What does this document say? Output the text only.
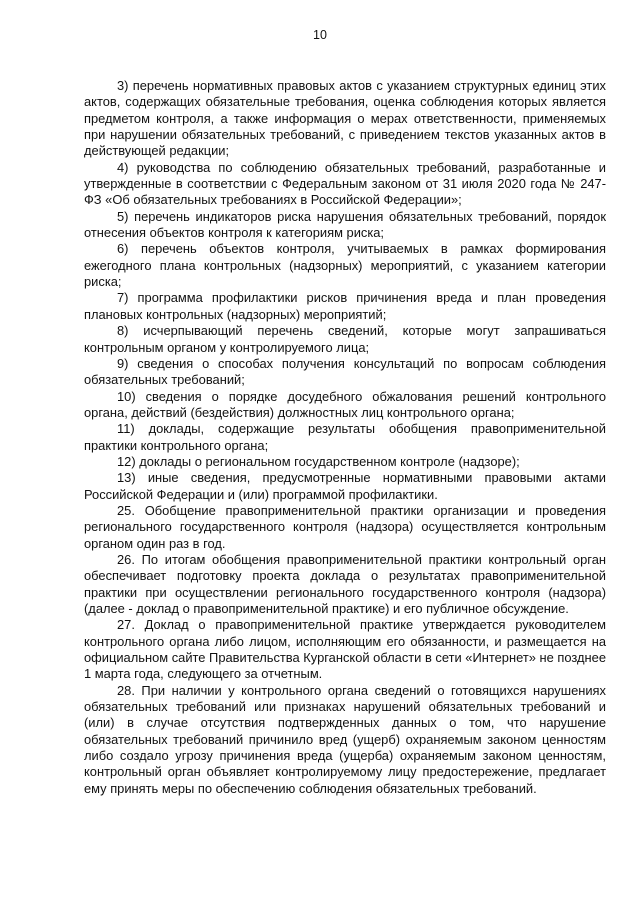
10

3) перечень нормативных правовых актов с указанием структурных единиц этих актов, содержащих обязательные требования, оценка соблюдения которых является предметом контроля, а также информация о мерах ответственности, применяемых при нарушении обязательных требований, с приведением текстов указанных актов в действующей редакции;

4) руководства по соблюдению обязательных требований, разработанные и утвержденные в соответствии с Федеральным законом от 31 июля 2020 года № 247-ФЗ «Об обязательных требованиях в Российской Федерации»;

5) перечень индикаторов риска нарушения обязательных требований, порядок отнесения объектов контроля к категориям риска;

6) перечень объектов контроля, учитываемых в рамках формирования ежегодного плана контрольных (надзорных) мероприятий, с указанием категории риска;

7) программа профилактики рисков причинения вреда и план проведения плановых контрольных (надзорных) мероприятий;

8) исчерпывающий перечень сведений, которые могут запрашиваться контрольным органом у контролируемого лица;

9) сведения о способах получения консультаций по вопросам соблюдения обязательных требований;

10) сведения о порядке досудебного обжалования решений контрольного органа, действий (бездействия) должностных лиц контрольного органа;

11) доклады, содержащие результаты обобщения правоприменительной практики контрольного органа;

12) доклады о региональном государственном контроле (надзоре);

13) иные сведения, предусмотренные нормативными правовыми актами Российской Федерации и (или) программой профилактики.

25. Обобщение правоприменительной практики организации и проведения регионального государственного контроля (надзора) осуществляется контрольным органом один раз в год.

26. По итогам обобщения правоприменительной практики контрольный орган обеспечивает подготовку проекта доклада о результатах правоприменительной практики при осуществлении регионального государственного контроля (надзора) (далее - доклад о правоприменительной практике) и его публичное обсуждение.

27. Доклад о правоприменительной практике утверждается руководителем контрольного органа либо лицом, исполняющим его обязанности, и размещается на официальном сайте Правительства Курганской области в сети «Интернет» не позднее 1 марта года, следующего за отчетным.

28. При наличии у контрольного органа сведений о готовящихся нарушениях обязательных требований или признаках нарушений обязательных требований и (или) в случае отсутствия подтвержденных данных о том, что нарушение обязательных требований причинило вред (ущерб) охраняемым законом ценностям либо создало угрозу причинения вреда (ущерба) охраняемым законом ценностям, контрольный орган объявляет контролируемому лицу предостережение, предлагает ему принять меры по обеспечению соблюдения обязательных требований.
